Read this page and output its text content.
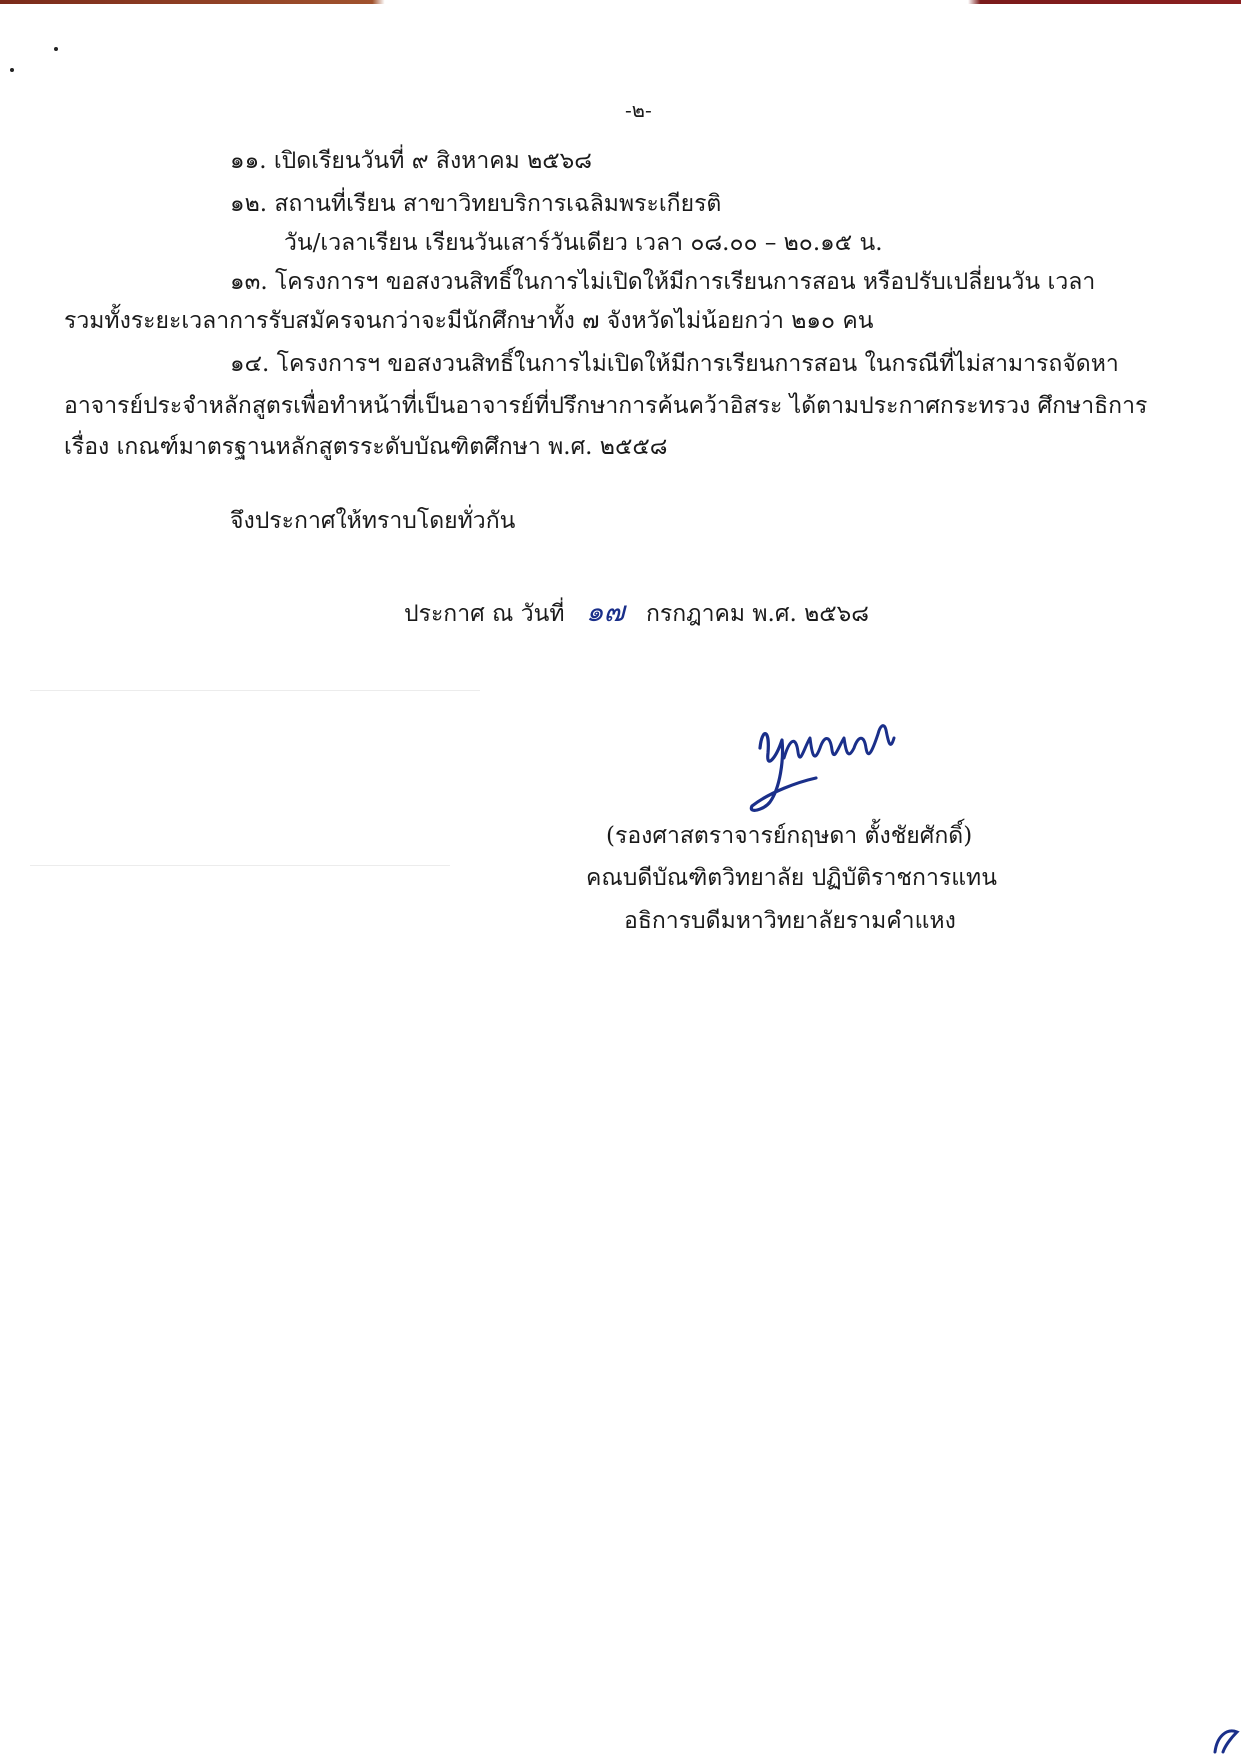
-๒-
๑๑. เปิดเรียนวันที่ ๙ สิงหาคม ๒๕๖๘
๑๒. สถานที่เรียน สาขาวิทยบริการเฉลิมพระเกียรติ
วัน/เวลาเรียน เรียนวันเสาร์วันเดียว เวลา ๐๘.๐๐ – ๒๐.๑๕ น.
๑๓. โครงการฯ ขอสงวนสิทธิ์ในการไม่เปิดให้มีการเรียนการสอน หรือปรับเปลี่ยนวัน เวลา
รวมทั้งระยะเวลาการรับสมัครจนกว่าจะมีนักศึกษาทั้ง ๗ จังหวัดไม่น้อยกว่า ๒๑๐ คน
๑๔. โครงการฯ ขอสงวนสิทธิ์ในการไม่เปิดให้มีการเรียนการสอน ในกรณีที่ไม่สามารถจัดหา
อาจารย์ประจำหลักสูตรเพื่อทำหน้าที่เป็นอาจารย์ที่ปรึกษาการค้นคว้าอิสระ ได้ตามประกาศกระทรวง ศึกษาธิการ
เรื่อง เกณฑ์มาตรฐานหลักสูตรระดับบัณฑิตศึกษา พ.ศ. ๒๕๕๘
จึงประกาศให้ทราบโดยทั่วกัน
ประกาศ ณ วันที่ ๑๗ กรกฎาคม พ.ศ. ๒๕๖๘
(รองศาสตราจารย์กฤษดา ตั้งชัยศักดิ์)
คณบดีบัณฑิตวิทยาลัย ปฏิบัติราชการแทน
อธิการบดีมหาวิทยาลัยรามคำแหง
